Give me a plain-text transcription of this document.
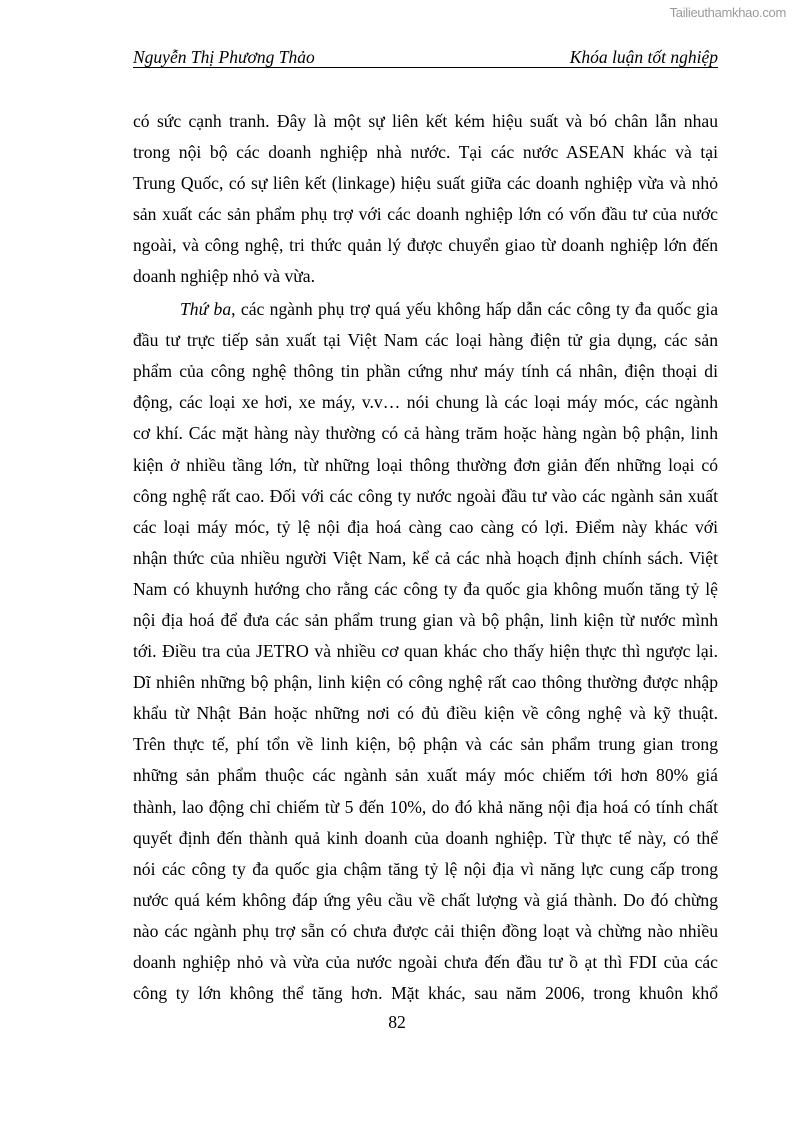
Tailieuthamkhao.com
Nguyễn Thị Phương Thảo	Khóa luận tốt nghiệp
có sức cạnh tranh. Đây là một sự liên kết kém hiệu suất và bó chân lẫn nhau
trong nội bộ các doanh nghiệp nhà nước. Tại các nước ASEAN khác và tại
Trung Quốc, có sự liên kết (linkage) hiệu suất giữa các doanh nghiệp vừa và nhỏ
sản xuất các sản phẩm phụ trợ với các doanh nghiệp lớn có vốn đầu tư của nước
ngoài, và công nghệ, tri thức quản lý được chuyển giao từ doanh nghiệp lớn đến
doanh nghiệp nhỏ và vừa.
Thứ ba, các ngành phụ trợ quá yếu không hấp dẫn các công ty đa quốc gia
đầu tư trực tiếp sản xuất tại Việt Nam các loại hàng điện tử gia dụng, các sản
phẩm của công nghệ thông tin phần cứng như máy tính cá nhân, điện thoại di
động, các loại xe hơi, xe máy, v.v… nói chung là các loại máy móc, các ngành
cơ khí. Các mặt hàng này thường có cả hàng trăm hoặc hàng ngàn bộ phận, linh
kiện ở nhiều tầng lớn, từ những loại thông thường đơn giản đến những loại có
công nghệ rất cao. Đối với các công ty nước ngoài đầu tư vào các ngành sản xuất
các loại máy móc, tỷ lệ nội địa hoá càng cao càng có lợi. Điểm này khác với
nhận thức của nhiều người Việt Nam, kể cả các nhà hoạch định chính sách. Việt
Nam có khuynh hướng cho rằng các công ty đa quốc gia không muốn tăng tỷ lệ
nội địa hoá để đưa các sản phẩm trung gian và bộ phận, linh kiện từ nước mình
tới. Điều tra của JETRO và nhiều cơ quan khác cho thấy hiện thực thì ngược lại.
Dĩ nhiên những bộ phận, linh kiện có công nghệ rất cao thông thường được nhập
khẩu từ Nhật Bản hoặc những nơi có đủ điều kiện về công nghệ và kỹ thuật.
Trên thực tế, phí tổn về linh kiện, bộ phận và các sản phẩm trung gian trong
những sản phẩm thuộc các ngành sản xuất máy móc chiếm tới hơn 80% giá
thành, lao động chỉ chiếm từ 5 đến 10%, do đó khả năng nội địa hoá có tính chất
quyết định đến thành quả kinh doanh của doanh nghiệp. Từ thực tế này, có thể
nói các công ty đa quốc gia chậm tăng tỷ lệ nội địa vì năng lực cung cấp trong
nước quá kém không đáp ứng yêu cầu về chất lượng và giá thành. Do đó chừng
nào các ngành phụ trợ sẵn có chưa được cải thiện đồng loạt và chừng nào nhiều
doanh nghiệp nhỏ và vừa của nước ngoài chưa đến đầu tư ồ ạt thì FDI của các
công ty lớn không thể tăng hơn. Mặt khác, sau năm 2006, trong khuôn khổ
82
